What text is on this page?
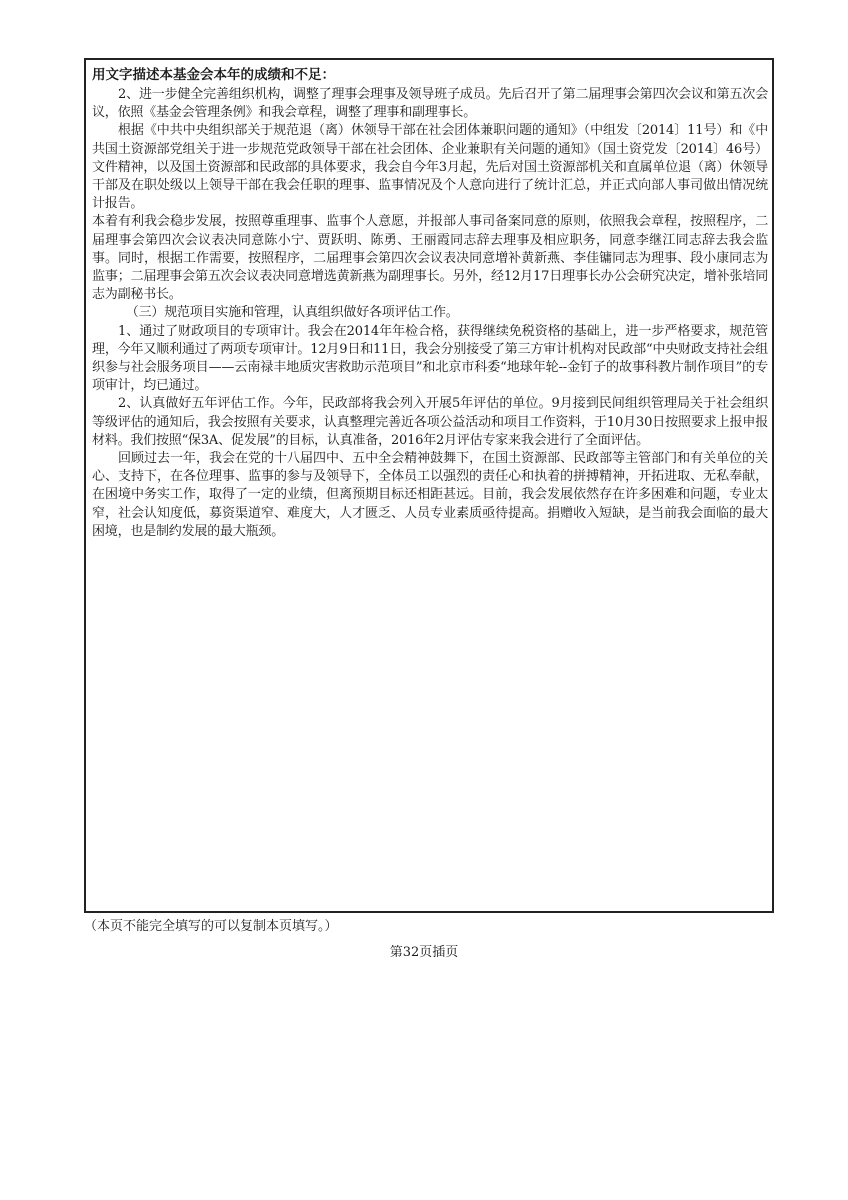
用文字描述本基金会本年的成绩和不足：

2、进一步健全完善组织机构，调整了理事会理事及领导班子成员。先后召开了第二届理事会第四次会议和第五次会议，依照《基金会管理条例》和我会章程，调整了理事和副理事长。

根据《中共中央组织部关于规范退（离）休领导干部在社会团体兼职问题的通知》（中组发〔2014〕11号）和《中共国土资源部党组关于进一步规范党政领导干部在社会团体、企业兼职有关问题的通知》（国土资党发〔2014〕46号）文件精神，以及国土资源部和民政部的具体要求，我会自今年3月起，先后对国土资源部机关和直属单位退（离）休领导干部及在职处级以上领导干部在我会任职的理事、监事情况及个人意向进行了统计汇总，并正式向部人事司做出情况统计报告。

本着有利我会稳步发展，按照尊重理事、监事个人意愿，并报部人事司备案同意的原则，依照我会章程，按照程序，二届理事会第四次会议表决同意陈小宁、贾跃明、陈勇、王丽霞同志辞去理事及相应职务，同意李继江同志辞去我会监事。同时，根据工作需要，按照程序，二届理事会第四次会议表决同意增补黄新燕、李佳镛同志为理事、段小康同志为监事；二届理事会第五次会议表决同意增选黄新燕为副理事长。另外，经12月17日理事长办公会研究决定，增补张培同志为副秘书长。

（三）规范项目实施和管理，认真组织做好各项评估工作。

1、通过了财政项目的专项审计。我会在2014年年检合格，获得继续免税资格的基础上，进一步严格要求，规范管理，今年又顺利通过了两项专项审计。12月9日和11日，我会分别接受了第三方审计机构对民政部“中央财政支持社会组织参与社会服务项目——云南禄丰地质灾害救助示范项目”和北京市科委“地球年轮--金钉子的故事科教片制作项目”的专项审计，均已通过。

2、认真做好五年评估工作。今年，民政部将我会列入开展5年评估的单位。9月接到民间组织管理局关于社会组织等级评估的通知后，我会按照有关要求，认真整理完善近各项公益活动和项目工作资料，于10月30日按照要求上报申报材料。我们按照“保3A、促发展”的目标，认真准备，2016年2月评估专家来我会进行了全面评估。

回顾过去一年，我会在党的十八届四中、五中全会精神鼓舞下，在国土资源部、民政部等主管部门和有关单位的关心、支持下，在各位理事、监事的参与及领导下，全体员工以强烈的责任心和执着的拼搏精神，开拓进取、无私奉献，在困境中务实工作，取得了一定的业绩，但离预期目标还相距甚远。目前，我会发展依然存在许多困难和问题，专业太窄，社会认知度低，募资渠道窄、难度大，人才匮乏、人员专业素质亟待提高。捐赠收入短缺，是当前我会面临的最大困境，也是制约发展的最大瓶颈。

（本页不能完全填写的可以复制本页填写。）
第32页插页
